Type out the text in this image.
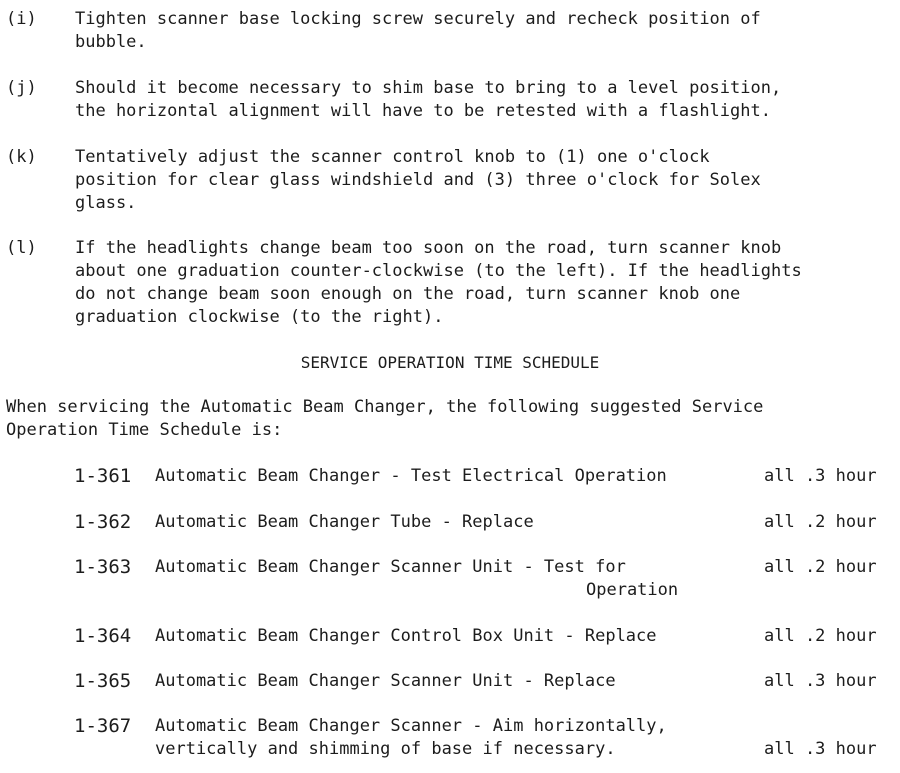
(i)	Tighten scanner base locking screw securely and recheck position of
bubble.
(j)	Should it become necessary to shim base to bring to a level position,
the horizontal alignment will have to be retested with a flashlight.
(k)	Tentatively adjust the scanner control knob to (1) one o'clock
position for clear glass windshield and (3) three o'clock for Solex
glass.
(l)	If the headlights change beam too soon on the road, turn scanner knob
about one graduation counter-clockwise (to the left). If the headlights
do not change beam soon enough on the road, turn scanner knob one
graduation clockwise (to the right).
SERVICE OPERATION TIME SCHEDULE
When servicing the Automatic Beam Changer, the following suggested Service
Operation Time Schedule is:
1-361 Automatic Beam Changer - Test Electrical Operation	all .3 hour
1-362 Automatic Beam Changer Tube - Replace	all .2 hour
1-363 Automatic Beam Changer Scanner Unit - Test for
Operation
all .2 hour
1-364 Automatic Beam Changer Control Box Unit - Replace	all .2 hour
1-365 Automatic Beam Changer Scanner Unit - Replace	all .3 hour
1-367 Automatic Beam Changer Scanner - Aim horizontally,
vertically and shimming of base if necessary.	all .3 hour
